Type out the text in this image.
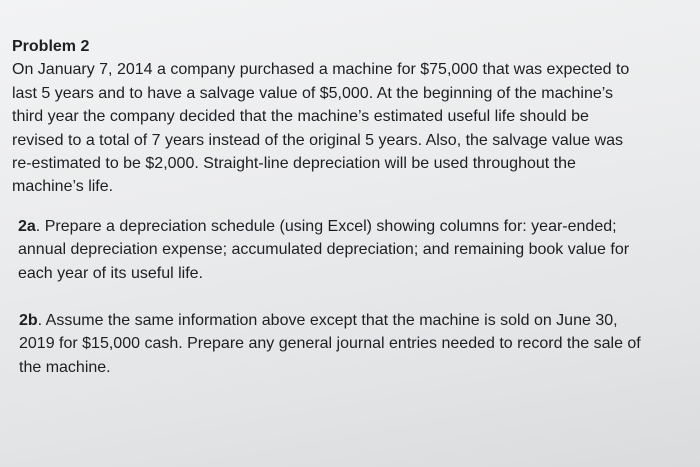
Problem 2
On January 7, 2014 a company purchased a machine for $75,000 that was expected to
last 5 years and to have a salvage value of $5,000. At the beginning of the machine’s
third year the company decided that the machine’s estimated useful life should be
revised to a total of 7 years instead of the original 5 years. Also, the salvage value was
re-estimated to be $2,000. Straight-line depreciation will be used throughout the
machine’s life.
2a. Prepare a depreciation schedule (using Excel) showing columns for: year-ended;
annual depreciation expense; accumulated depreciation; and remaining book value for
each year of its useful life.
2b. Assume the same information above except that the machine is sold on June 30,
2019 for $15,000 cash. Prepare any general journal entries needed to record the sale of
the machine.
